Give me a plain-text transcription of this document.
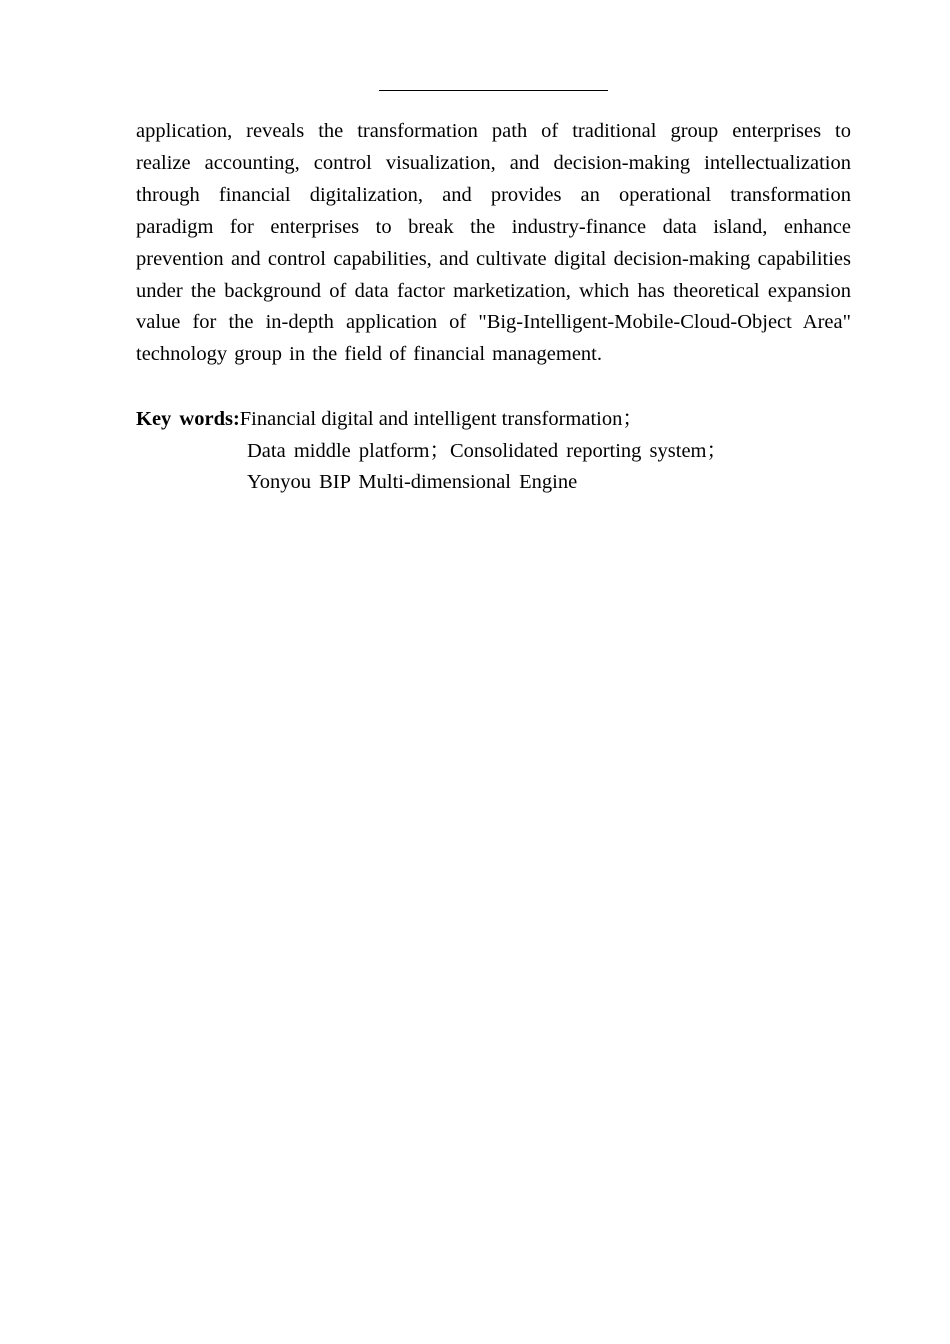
application, reveals the transformation path of traditional group enterprises to realize accounting, control visualization, and decision-making intellectualization through financial digitalization, and provides an operational transformation paradigm for enterprises to break the industry-finance data island, enhance prevention and control capabilities, and cultivate digital decision-making capabilities under the background of data factor marketization, which has theoretical expansion value for the in-depth application of "Big-Intelligent-Mobile-Cloud-Object Area" technology group in the field of financial management.

Key words:Financial digital and intelligent transformation；
Data middle platform；Consolidated reporting system；
Yonyou BIP Multi-dimensional Engine
